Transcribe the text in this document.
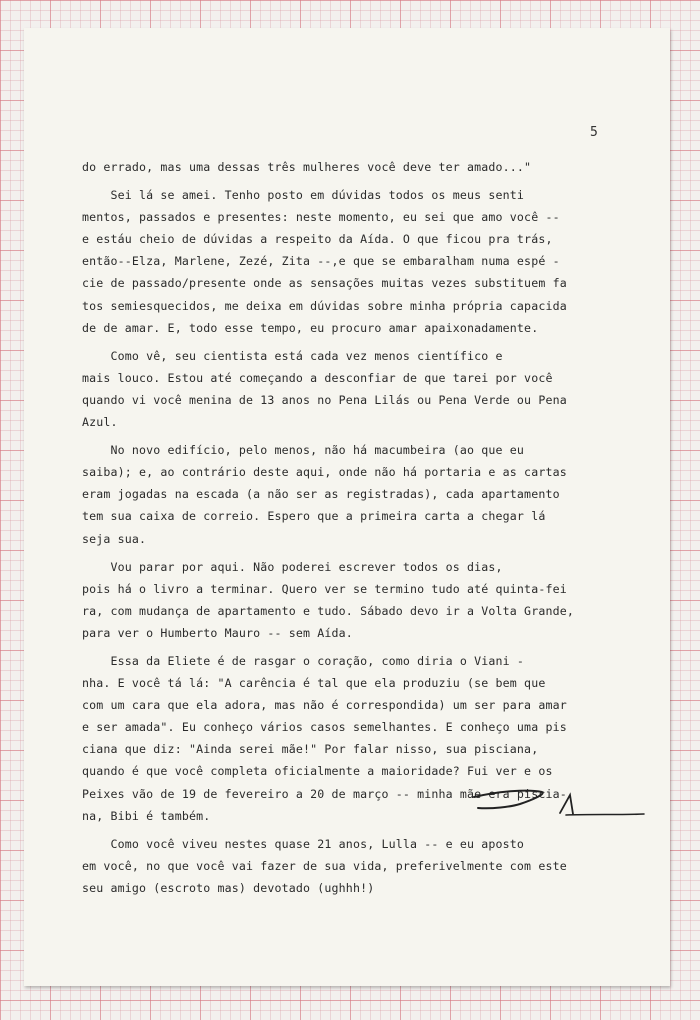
5
do errado, mas uma dessas três mulheres você deve ter amado..."
Sei lá se amei. Tenho posto em dúvidas todos os meus senti
mentos, passados e presentes: neste momento, eu sei que amo você --
e estáu cheio de dúvidas a respeito da Aída. O que ficou pra trás,
então--Elza, Marlene, Zezé, Zita --,e que se embaralham numa espé -
cie de passado/presente onde as sensações muitas vezes substituem fa
tos semiesquecidos, me deixa em dúvidas sobre minha própria capacida
de de amar. E, todo esse tempo, eu procuro amar apaixonadamente.
Como vê, seu cientista está cada vez menos científico e
mais louco. Estou até começando a desconfiar de que tarei por você
quando vi você menina de 13 anos no Pena Lilás ou Pena Verde ou Pena
Azul.
No novo edifício, pelo menos, não há macumbeira (ao que eu
saiba); e, ao contrário deste aqui, onde não há portaria e as cartas
eram jogadas na escada (a não ser as registradas), cada apartamento
tem sua caixa de correio. Espero que a primeira carta a chegar lá
seja sua.
Vou parar por aqui. Não poderei escrever todos os dias,
pois há o livro a terminar. Quero ver se termino tudo até quinta-fei
ra, com mudança de apartamento e tudo. Sábado devo ir a Volta Grande,
para ver o Humberto Mauro -- sem Aída.
Essa da Eliete é de rasgar o coração, como diria o Viani -
nha. E você tá lá: "A carência é tal que ela produziu (se bem que
com um cara que ela adora, mas não é correspondida) um ser para amar
e ser amada". Eu conheço vários casos semelhantes. E conheço uma pis
ciana que diz: "Ainda serei mãe!" Por falar nisso, sua pisciana,
quando é que você completa oficialmente a maioridade? Fui ver e os
Peixes vão de 19 de fevereiro a 20 de março -- minha mãe era piscia-
na, Bibi é também.
Como você viveu nestes quase 21 anos, Lulla -- e eu aposto
em você, no que você vai fazer de sua vida, preferivelmente com este
seu amigo (escroto mas) devotado (ughhh!)
